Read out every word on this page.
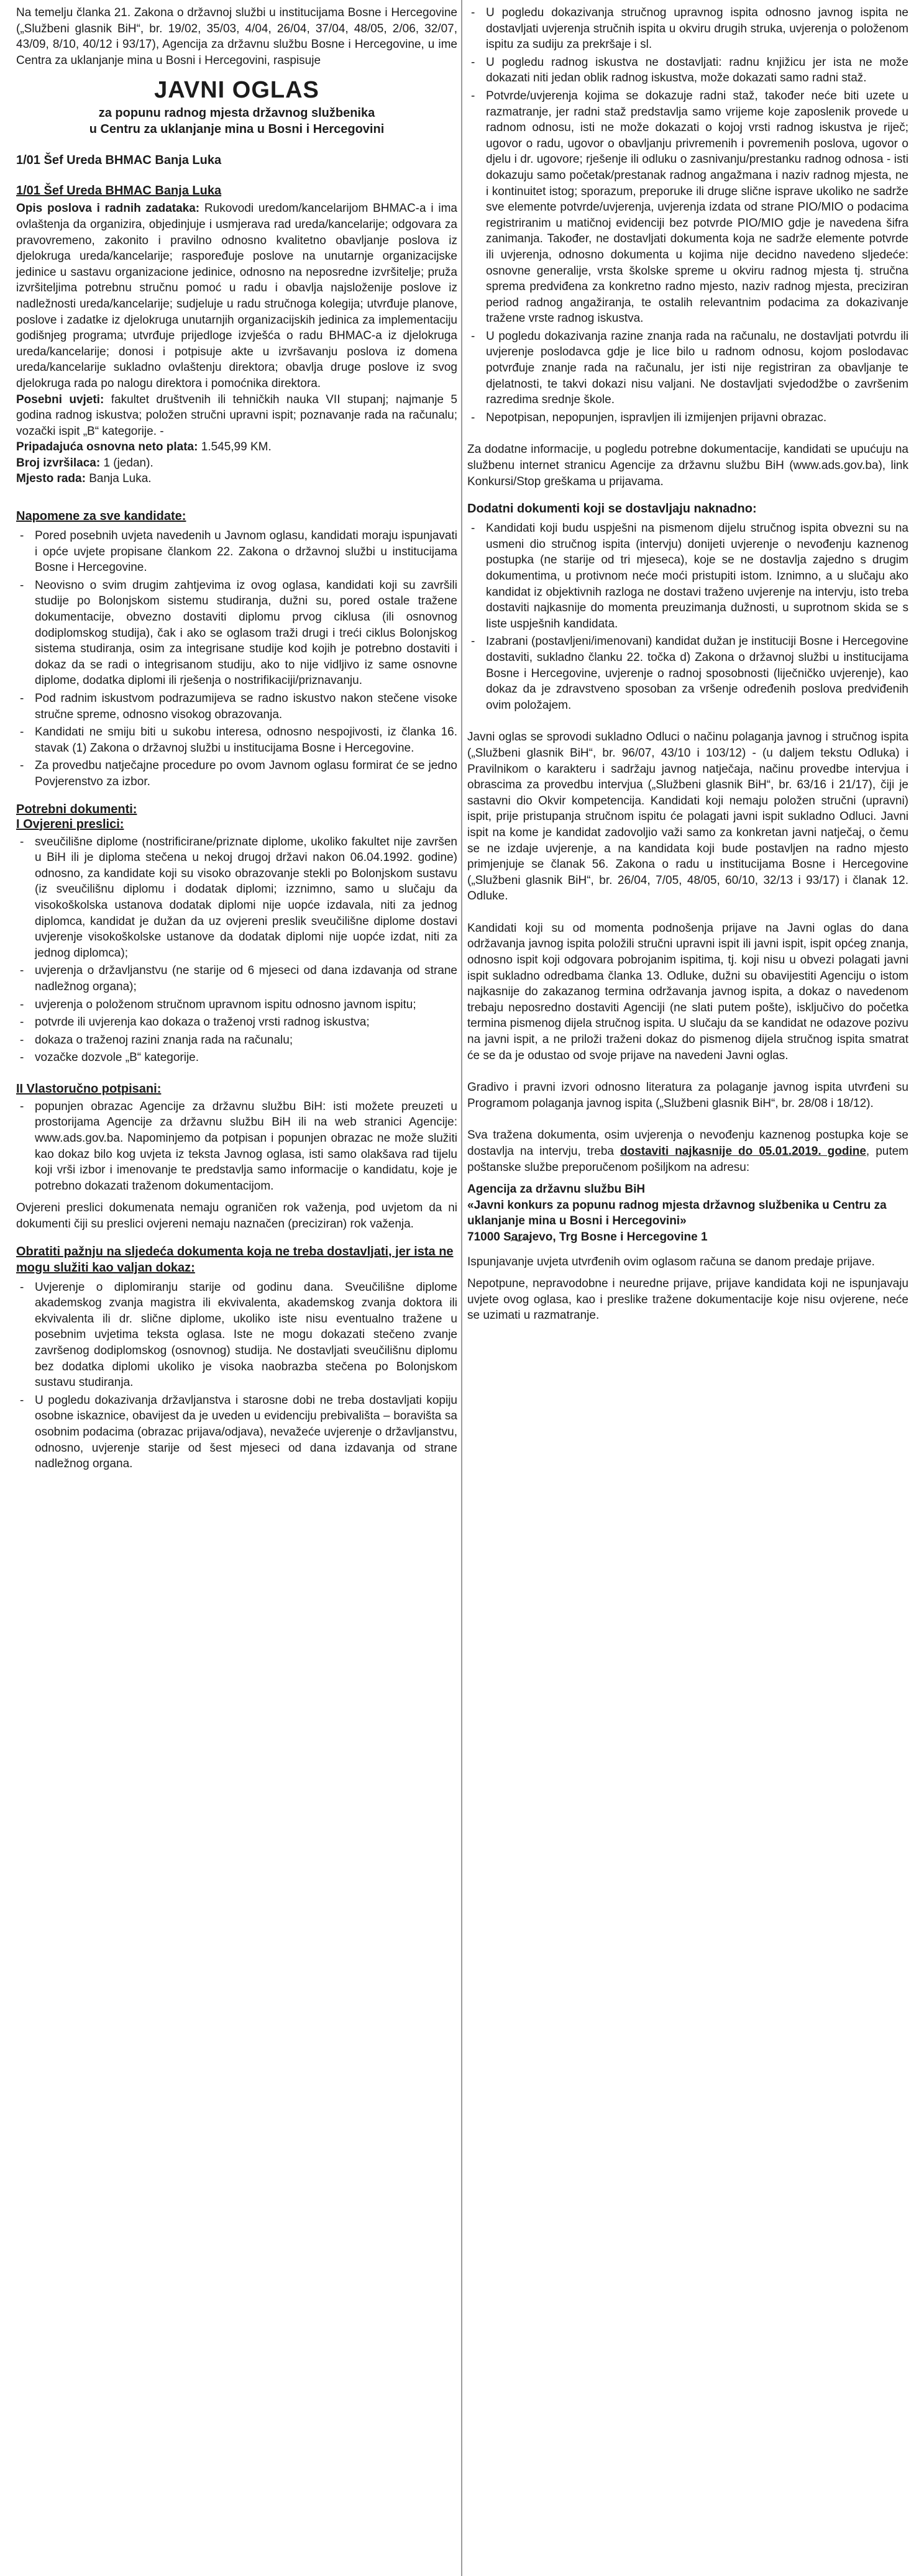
Na temelju članka 21. Zakona o državnoj službi u institucijama Bosne i Hercegovine („Službeni glasnik BiH“, br. 19/02, 35/03, 4/04, 26/04, 37/04, 48/05, 2/06, 32/07, 43/09, 8/10, 40/12 i 93/17), Agencija za državnu službu Bosne i Hercegovine, u ime Centra za uklanjanje mina u Bosni i Hercegovini, raspisuje

JAVNI OGLAS
za popunu radnog mjesta državnog službenika
u Centru za uklanjanje mina u Bosni i Hercegovini
1/01 Šef Ureda BHMAC Banja Luka
1/01 Šef Ureda BHMAC Banja Luka

Opis poslova i radnih zadataka: Rukovodi uredom/kancelarijom BHMAC-a i ima ovlaštenja da organizira, objedinjuje i usmjerava rad ureda/kancelarije; odgovara za pravovremeno, zakonito i pravilno odnosno kvalitetno obavljanje poslova iz djelokruga ureda/kancelarije; raspoređuje poslove na unutarnje organizacijske jedinice u sastavu organizacione jedinice, odnosno na neposredne izvršitelje; pruža izvršiteljima potrebnu stručnu pomoć u radu i obavlja najsloženije poslove iz nadležnosti ureda/kancelarije; sudjeluje u radu stručnoga kolegija; utvrđuje planove, poslove i zadatke iz djelokruga unutarnjih organizacijskih jedinica za implementaciju godišnjeg programa; utvrđuje prijedloge izvješća o radu BHMAC-a iz djelokruga ureda/kancelarije; donosi i potpisuje akte u izvršavanju poslova iz domena ureda/kancelarije sukladno ovlaštenju direktora; obavlja druge poslove iz svog djelokruga rada po nalogu direktora i pomoćnika direktora.

Posebni uvjeti: fakultet društvenih ili tehničkih nauka VII stupanj; najmanje 5 godina radnog iskustva; položen stručni upravni ispit; poznavanje rada na računalu; vozački ispit „B“ kategorije. -

Pripadajuća osnovna neto plata: 1.545,99 KM.

Broj izvršilaca: 1 (jedan).

Mjesto rada: Banja Luka.

Napomene za sve kandidate:
- Pored posebnih uvjeta navedenih u Javnom oglasu, kandidati moraju ispunjavati i opće uvjete propisane člankom 22. Zakona o državnoj službi u institucijama Bosne i Hercegovine.
- Neovisno o svim drugim zahtjevima iz ovog oglasa, kandidati koji su završili studije po Bolonjskom sistemu studiranja, dužni su, pored ostale tražene dokumentacije, obvezno dostaviti diplomu prvog ciklusa (ili osnovnog dodiplomskog studija), čak i ako se oglasom traži drugi i treći ciklus Bolonjskog sistema studiranja, osim za integrisane studije kod kojih je potrebno dostaviti i dokaz da se radi o integrisanom studiju, ako to nije vidljivo iz same osnovne diplome, dodatka diplomi ili rješenja o nostrifikaciji/priznavanju.
- Pod radnim iskustvom podrazumijeva se radno iskustvo nakon stečene visoke stručne spreme, odnosno visokog obrazovanja.
- Kandidati ne smiju biti u sukobu interesa, odnosno nespojivosti, iz članka 16. stavak (1) Zakona o državnoj službi u institucijama Bosne i Hercegovine.
- Za provedbu natječajne procedure po ovom Javnom oglasu formirat će se jedno Povjerenstvo za izbor.
Potrebni dokumenti:
I Ovjereni preslici:
- sveučilišne diplome (nostrificirane/priznate diplome, ukoliko fakultet nije završen u BiH ili je diploma stečena u nekoj drugoj državi nakon 06.04.1992. godine) odnosno, za kandidate koji su visoko obrazovanje stekli po Bolonjskom sustavu (iz sveučilišnu diplomu i dodatak diplomi; izznimno, samo u slučaju da visokoškolska ustanova dodatak diplomi nije uopće izdavala, niti za jednog diplomca, kandidat je dužan da uz ovjereni preslik sveučilišne diplome dostavi uvjerenje visokoškolske ustanove da dodatak diplomi nije uopće izdat, niti za jednog diplomca);
- uvjerenja o državljanstvu (ne starije od 6 mjeseci od dana izdavanja od strane nadležnog organa);
- uvjerenja o položenom stručnom upravnom ispitu odnosno javnom ispitu;
- potvrde ili uvjerenja kao dokaza o traženoj vrsti radnog iskustva;
- dokaza o traženoj razini znanja rada na računalu;
- vozačke dozvole „B“ kategorije.
II Vlastoručno potpisani:
- popunjen obrazac Agencije za državnu službu BiH: isti možete preuzeti u prostorijama Agencije za državnu službu BiH ili na web stranici Agencije: www.ads.gov.ba. Napominjemo da potpisan i popunjen obrazac ne može služiti kao dokaz bilo kog uvjeta iz teksta Javnog oglasa, isti samo olakšava rad tijelu koji vrši izbor i imenovanje te predstavlja samo informacije o kandidatu, koje je potrebno dokazati traženom dokumentacijom.

Ovjereni preslici dokumenata nemaju ograničen rok važenja, pod uvjetom da ni dokumenti čiji su preslici ovjereni nemaju naznačen (preciziran) rok važenja.

Obratiti pažnju na sljedeća dokumenta koja ne treba dostavljati, jer ista ne mogu služiti kao valjan dokaz:
- Uvjerenje o diplomiranju starije od godinu dana. Sveučilišne diplome akademskog zvanja magistra ili ekvivalenta, akademskog zvanja doktora ili ekvivalenta ili dr. slične diplome, ukoliko iste nisu eventualno tražene u posebnim uvjetima teksta oglasa. Iste ne mogu dokazati stečeno zvanje završenog dodiplomskog (osnovnog) studija. Ne dostavljati sveučilišnu diplomu bez dodatka diplomi ukoliko je visoka naobrazba stečena po Bolonjskom sustavu studiranja.
- U pogledu dokazivanja državljanstva i starosne dobi ne treba dostavljati kopiju osobne iskaznice, obavijest da je uveden u evidenciju prebivališta – boravišta sa osobnim podacima (obrazac prijava/odjava), nevažeće uvjerenje o državljanstvu, odnosno, uvjerenje starije od šest mjeseci od dana izdavanja od strane nadležnog organa.
- U pogledu dokazivanja stručnog upravnog ispita odnosno javnog ispita ne dostavljati uvjerenja stručnih ispita u okviru drugih struka, uvjerenja o položenom ispitu za sudiju za prekršaje i sl.
- U pogledu radnog iskustva ne dostavljati: radnu knjižicu jer ista ne može dokazati niti jedan oblik radnog iskustva, može dokazati samo radni staž.
- Potvrde/uvjerenja kojima se dokazuje radni staž, također neće biti uzete u razmatranje, jer radni staž predstavlja samo vrijeme koje zaposlenik provede u radnom odnosu, isti ne može dokazati o kojoj vrsti radnog iskustva je riječ; ugovor o radu, ugovor o obavljanju privremenih i povremenih poslova, ugovor o djelu i dr. ugovore; rješenje ili odluku o zasnivanju/prestanku radnog odnosa - isti dokazuju samo početak/prestanak radnog angažmana i naziv radnog mjesta, ne i kontinuitet istog; sporazum, preporuke ili druge slične isprave ukoliko ne sadrže sve elemente potvrde/uvjerenja, uvjerenja izdata od strane PIO/MIO o podacima registriranim u matičnoj evidenciji bez potvrde PIO/MIO gdje je navedena šifra zanimanja. Također, ne dostavljati dokumenta koja ne sadrže elemente potvrde ili uvjerenja, odnosno dokumenta u kojima nije decidno navedeno sljedeće: osnovne generalije, vrsta školske spreme u okviru radnog mjesta tj. stručna sprema predviđena za konkretno radno mjesto, naziv radnog mjesta, preciziran period radnog angažiranja, te ostalih relevantnim podacima za dokazivanje tražene vrste radnog iskustva.
- U pogledu dokazivanja razine znanja rada na računalu, ne dostavljati potvrdu ili uvjerenje poslodavca gdje je lice bilo u radnom odnosu, kojom poslodavac potvrđuje znanje rada na računalu, jer isti nije registriran za obavljanje te djelatnosti, te takvi dokazi nisu valjani. Ne dostavljati svjedodžbe o završenim razredima srednje škole.
- Nepotpisan, nepopunjen, ispravljen ili izmijenjen prijavni obrazac.

Za dodatne informacije, u pogledu potrebne dokumentacije, kandidati se upućuju na službenu internet stranicu Agencije za državnu službu BiH (www.ads.gov.ba), link Konkursi/Stop greškama u prijavama.

Dodatni dokumenti koji se dostavljaju naknadno:
- Kandidati koji budu uspješni na pismenom dijelu stručnog ispita obvezni su na usmeni dio stručnog ispita (intervju) donijeti uvjerenje o nevođenju kaznenog postupka (ne starije od tri mjeseca), koje se ne dostavlja zajedno s drugim dokumentima, u protivnom neće moći pristupiti istom. Iznimno, a u slučaju ako kandidat iz objektivnih razloga ne dostavi traženo uvjerenje na intervju, isto treba dostaviti najkasnije do momenta preuzimanja dužnosti, u suprotnom skida se s liste uspješnih kandidata.
- Izabrani (postavljeni/imenovani) kandidat dužan je instituciji Bosne i Hercegovine dostaviti, sukladno članku 22. točka d) Zakona o državnoj službi u institucijama Bosne i Hercegovine, uvjerenje o radnoj sposobnosti (liječničko uvjerenje), kao dokaz da je zdravstveno sposoban za vršenje određenih poslova predviđenih ovim položajem.

Javni oglas se sprovodi sukladno Odluci o načinu polaganja javnog i stručnog ispita („Službeni glasnik BiH“, br. 96/07, 43/10 i 103/12) - (u daljem tekstu Odluka) i Pravilnikom o karakteru i sadržaju javnog natječaja, načinu provedbe intervjua i obrascima za provedbu intervjua („Službeni glasnik BiH“, br. 63/16 i 21/17), čiji je sastavni dio Okvir kompetencija. Kandidati koji nemaju položen stručni (upravni) ispit, prije pristupanja stručnom ispitu će polagati javni ispit sukladno Odluci. Javni ispit na kome je kandidat zadovoljio važi samo za konkretan javni natječaj, o čemu se ne izdaje uvjerenje, a na kandidata koji bude postavljen na radno mjesto primjenjuje se članak 56. Zakona o radu u institucijama Bosne i Hercegovine („Službeni glasnik BiH“, br. 26/04, 7/05, 48/05, 60/10, 32/13 i 93/17) i članak 12. Odluke.

Kandidati koji su od momenta podnošenja prijave na Javni oglas do dana održavanja javnog ispita položili stručni upravni ispit ili javni ispit, ispit općeg znanja, odnosno ispit koji odgovara pobrojanim ispitima, tj. koji nisu u obvezi polagati javni ispit sukladno odredbama članka 13. Odluke, dužni su obavijestiti Agenciju o istom najkasnije do zakazanog termina održavanja javnog ispita, a dokaz o navedenom trebaju neposredno dostaviti Agenciji (ne slati putem pošte), isključivo do početka termina pismenog dijela stručnog ispita. U slučaju da se kandidat ne odazove pozivu na javni ispit, a ne priloži traženi dokaz do pismenog dijela stručnog ispita smatrat će se da je odustao od svoje prijave na navedeni Javni oglas.

Gradivo i pravni izvori odnosno literatura za polaganje javnog ispita utvrđeni su Programom polaganja javnog ispita („Službeni glasnik BiH“, br. 28/08 i 18/12).

Sva tražena dokumenta, osim uvjerenja o nevođenju kaznenog postupka koje se dostavlja na intervju, treba dostaviti najkasnije do 05.01.2019. godine, putem poštanske službe preporučenom pošiljkom na adresu:

Agencija za državnu službu BiH
«Javni konkurs za popunu radnog mjesta državnog službenika u Centru za uklanjanje mina u Bosni i Hercegovini»
71000 Sarajevo, Trg Bosne i Hercegovine 1

Ispunjavanje uvjeta utvrđenih ovim oglasom računa se danom predaje prijave.

Nepotpune, nepravodobne i neuredne prijave, prijave kandidata koji ne ispunjavaju uvjete ovog oglasa, kao i preslike tražene dokumentacije koje nisu ovjerene, neće se uzimati u razmatranje.
